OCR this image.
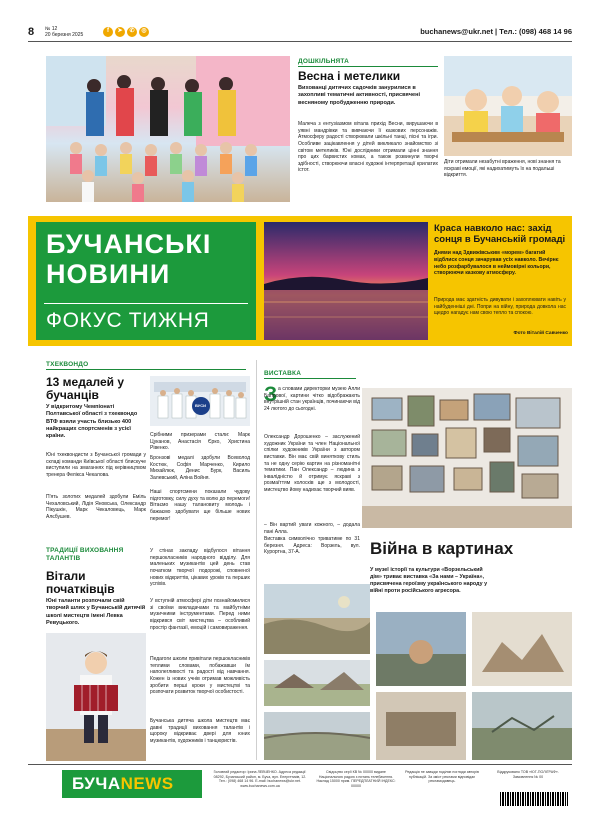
8 № 12
20 березня 2025
f	➤	✆	◎	buchanews@ukr.net | Тел.: (098) 468 14 96
ДОШКІЛЬНЯТА
Весна і метелики
Вихованці дитячих садочків занурилися в захопливі тематичні активності, присвячені весняному пробудженню природи.
Малеча з ентузіазмом вітала прихід Весни, вирушаючи в уявні мандрівки та вивчаючи її казкових персонажів. Атмосферу радості створювали шкільні танці, пісні та ігри. Особливе зацікавлення у дітей викликало знайомство зі світом метеликів. Юні дослідники отримали цінні знання про цих барвистих комах, а також розвинули творчі здібності, створюючи власні художні інтерпретації крилатих істот.
Діти отримали незабутні враження, нові знання та яскраві емоції, які надихатимуть їх на подальші відкриття.
БУЧАНСЬКІ
НОВИНИ
ФОКУС ТИЖНЯ
Краса навколо нас: захід сонця в Бучанській громаді
Днями над Здвижівським «морем» багатий відблиск сонця зачарував усіх навколо. Вечірнє небо розфарбувалося в неймовірні кольори, створюючи казкову атмосферу.
Природа має здатність дивувати і захоплювати навіть у найбуденніші дні. Попри на війну, природа довкола нас щедро нагадує нам свою тепло та спокою.
Фото Віталій Савченко
ТХЕКВОНДО
13 медалей у бучанців
У відкритому Чемпіонаті Полтавської області з тхеквондо ВТФ взяли участь близько 400 найкращих спортсменів з усієї країни.
Юні тхеквондисти з Бучанської громади у складі команди Київської області блискуче виступили на змаганнях під керівництвом тренера Фелікса Чекалова.
П'ять золотих медалей здобули Еміль Чехаловський, Лідія Яновська, Олександр Пікушкін, Марк Чекаловець, Марк Алєбушев.
ВУСИ
Срібними призерами стали: Марк Цуканов, Анастасія Єрко, Христина Рівенко.
Бронзові медалі здобули Всеволод Костюк, Софія Марченко, Кирило Михайлюк, Денис Бурк, Василь Залевський, Аліна Войня.
Наші спортсмени показали чудову підготовку, силу духу та волю до перемоги! Вітаємо нашу талановиту молодь і бажаємо здобувати ще більше нових перемог!
ТРАДИЦІЇ ВИХОВАННЯ ТАЛАНТІВ
Вітали початківців
Юні таланти розпочали свій творчий шлях у Бучанській дитячій школі мистецтв імені Левка Ревуцького.
У стінах закладу відбулося вітання першокласників народного відділу. Для маленьких музикантів цей день став початком творчої подорожі, сповненої нових відкриттів, цікавих уроків та перших успіхів.
У вступній атмосфері діти познайомилися зі своїми викладачами та майбутніми музичними інструментами. Перед ними відкрився світ мистецтва – особливий простір фантазії, емоцій і самовираження.
Педагоги школи привітали першокласників теплими словами, побажавши їм наполегливості та радості від навчання. Кожен із нових учнів отримав можливість зробити перші кроки у мистецтві та розпочати розвиток творчої особистості.
Бучанська дитяча школа мистецтв має давні традиції виховання талантів і щороку відкриває двері для юних музикантів, художників і танцюристів.
ВИСТАВКА
З а словами директорки музею Алли Багірової, картини чітко відображають внутрішній стан українців, починаючи від 24 лютого до сьогодні.
Олександр Дорошенко – заслужений художник України та член Національної спілки художників України з автором виставки. Він має свій виняткову стиль та не одну серію картин на різноманітні тематики. Пан Олександр – людина з інвалідністю й отримує яскраві з розмаїттям колосків ще з молодості, мистецтво йому надихає творчий вияв.
– Він вартий уваги кожного, – додала пані Алла.
Виставка символічно триватиме по 31 березня. Адреса: Ворзель, вул. Курортна, 37-А.	Війна в картинах
У музеї історії та культури «Ворзельський дім» триває виставка «За нами – Україна», присвячена героїзму українського народу у війні проти російського агресора.
БУЧА NEWS
Головний редактор: Ірина ЛЕВЧЕНКО. Адреса редакції: 08292, Бучанський район, м. Буча, вул. Енергетиків, 12. Тел.: (098) 468 14 96. E-mail: buchanews@ukr.net. www.buchanews.com.ua
Свідоцтво серії КВ № 00000 видане Національною радою з питань телебачення. Наклад 15000 прим. ПЕРЕДПЛАТНИЙ ІНДЕКС: 00000
Редакція не завжди поділяє погляди авторів публікацій. За зміст реклами відповідає рекламодавець.
Віддруковано ТОВ «ЮГ-ПОЛІГРАФ». Замовлення № 00
